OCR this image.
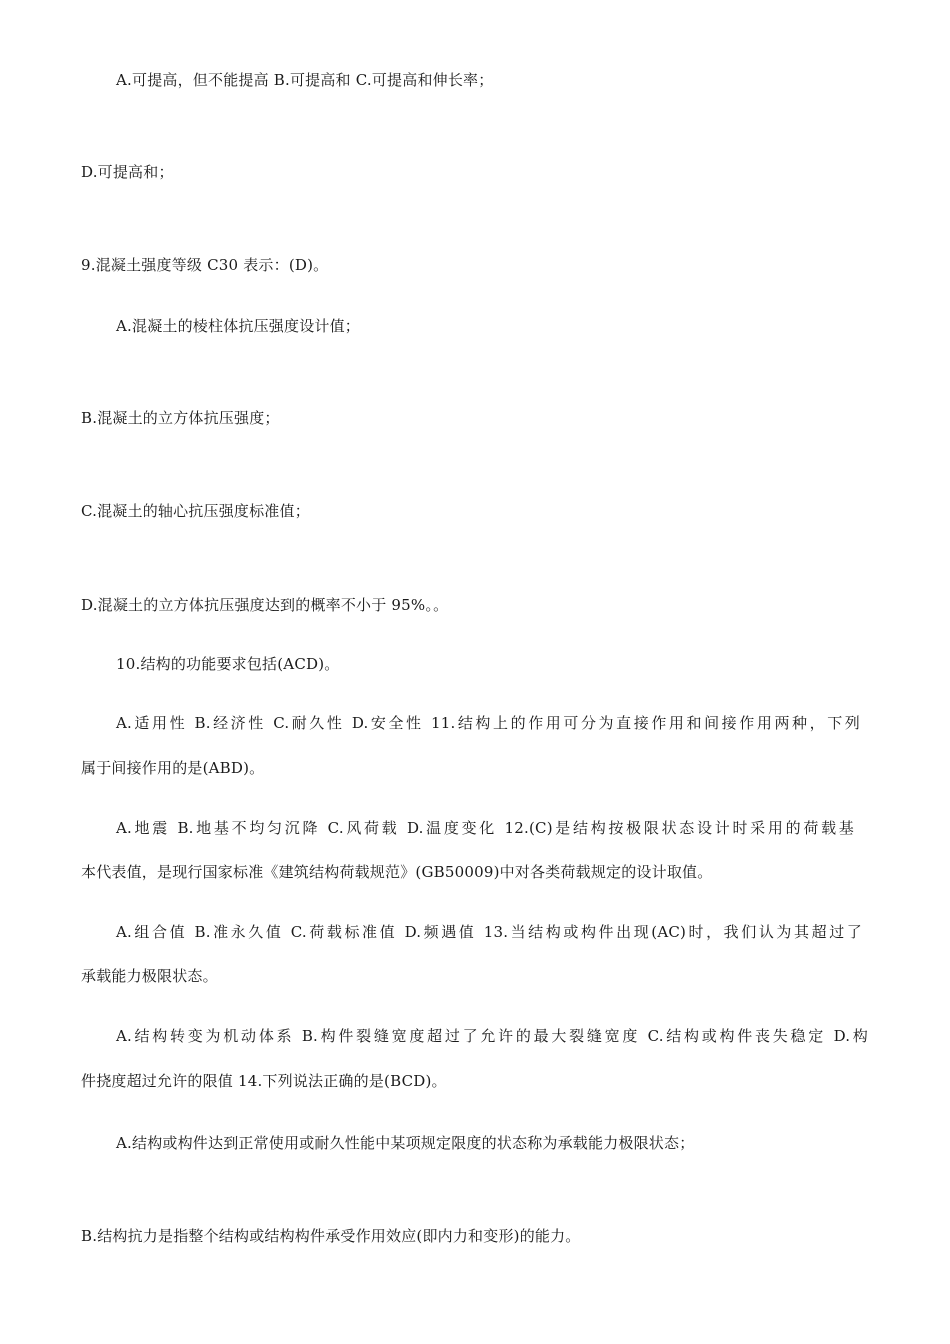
A.可提高，但不能提高 B.可提高和 C.可提高和伸长率；
D.可提高和；
9.混凝土强度等级 C30 表示：(D)。
A.混凝土的棱柱体抗压强度设计值；
B.混凝土的立方体抗压强度；
C.混凝土的轴心抗压强度标准值；
D.混凝土的立方体抗压强度达到的概率不小于 95%。。
10.结构的功能要求包括(ACD)。
A.适用性 B.经济性 C.耐久性 D.安全性 11.结构上的作用可分为直接作用和间接作用两种，下列
属于间接作用的是(ABD)。
A.地震 B.地基不均匀沉降 C.风荷载 D.温度变化 12.(C)是结构按极限状态设计时采用的荷载基
本代表值，是现行国家标准《建筑结构荷载规范》(GB50009)中对各类荷载规定的设计取值。
A.组合值 B.准永久值 C.荷载标准值 D.频遇值 13.当结构或构件出现(AC)时，我们认为其超过了
承载能力极限状态。
A.结构转变为机动体系 B.构件裂缝宽度超过了允许的最大裂缝宽度 C.结构或构件丧失稳定 D.构
件挠度超过允许的限值 14.下列说法正确的是(BCD)。
A.结构或构件达到正常使用或耐久性能中某项规定限度的状态称为承载能力极限状态；
B.结构抗力是指整个结构或结构构件承受作用效应(即内力和变形)的能力。
